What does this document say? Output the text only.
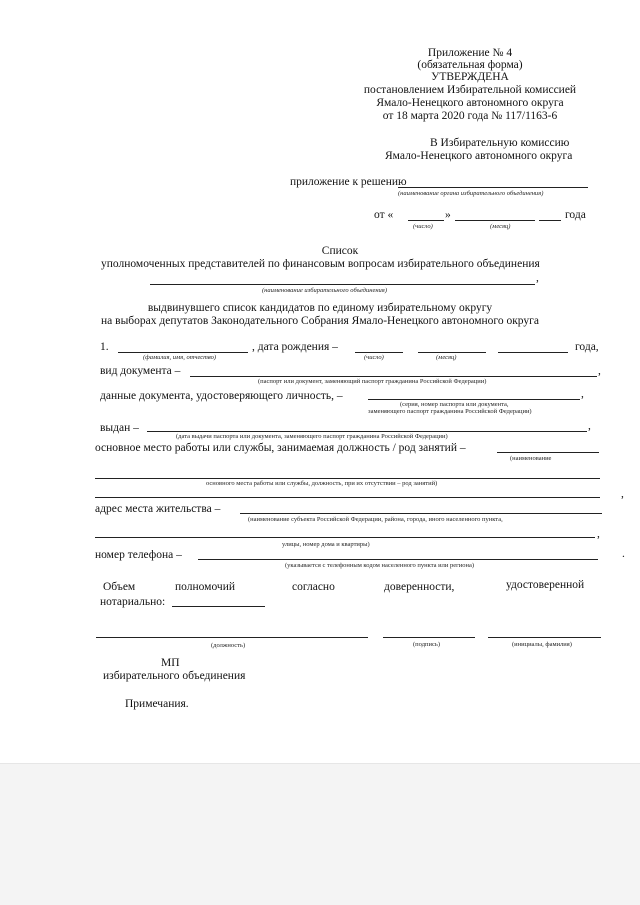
Приложение № 4
(обязательная форма)
УТВЕРЖДЕНА
постановлением Избирательной комиссией
Ямало-Ненецкого автономного округа
от 18 марта 2020 года № 117/1163-6
В Избирательную комиссию
Ямало-Ненецкого автономного округа
приложение к решению
(наименование органа избирательного объединения)
от «	»	года
(число)	(месяц)
Список
уполномоченных представителей по финансовым вопросам избирательного объединения
,
(наименование избирательного объединения)
выдвинувшего список кандидатов по единому избирательному округу
на выборах депутатов Законодательного Собрания Ямало-Ненецкого автономного округа
1.	, дата рождения –	года,
(фамилия, имя, отчество)	(число)	(месяц)
вид документа –	,
(паспорт или документ, заменяющий паспорт гражданина Российской Федерации)
данные документа, удостоверяющего личность, –	,
(серия, номер паспорта или документа,
заменяющего паспорт гражданина Российской Федерации)
выдан –	,
(дата выдачи паспорта или документа, заменяющего паспорт гражданина Российской Федерации)
основное место работы или службы, занимаемая должность / род занятий –
(наименование
основного места работы или службы, должность, при их отсутствии – род занятий)
,
адрес места жительства –
(наименование субъекта Российской Федерации, района, города, иного населенного пункта,
,
улицы, номер дома и квартиры)
номер телефона –	.
(указывается с телефонным кодом населенного пункта или региона)
Объем	полномочий	согласно	доверенности,	удостоверенной
нотариально:
(должность)	(подпись)	(инициалы, фамилия)
МП
избирательного объединения
Примечания.
